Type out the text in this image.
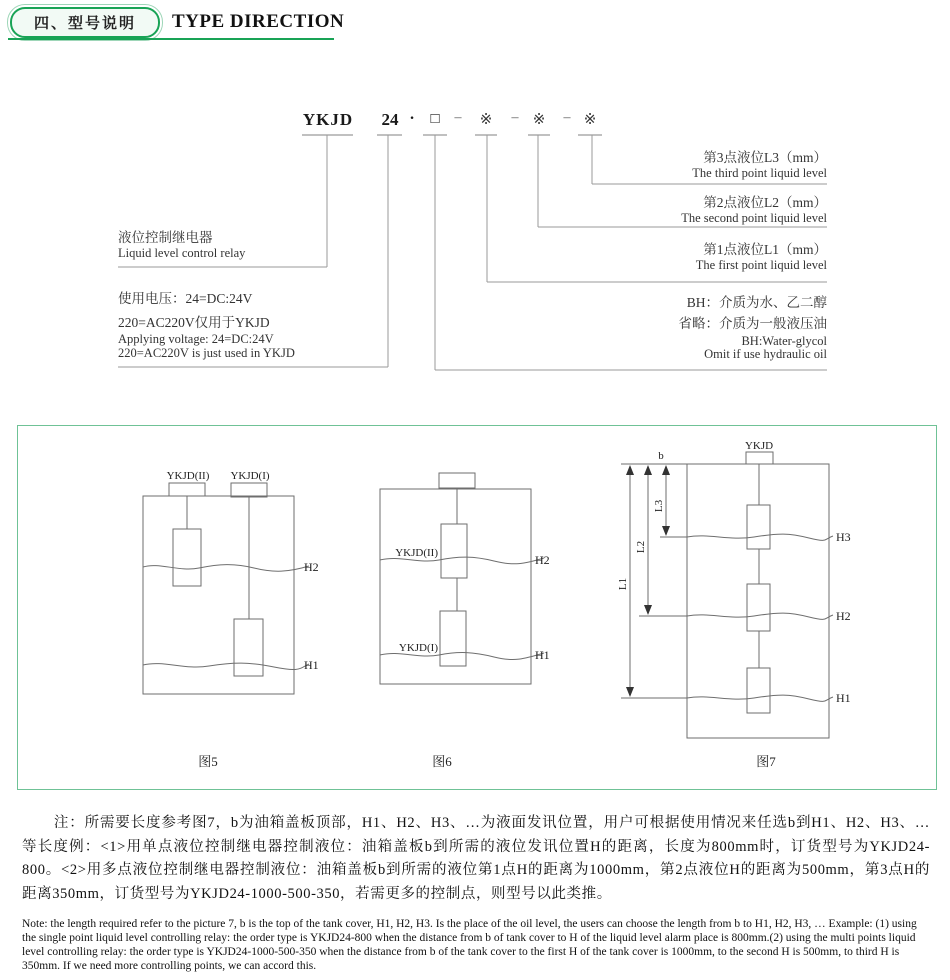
四、型号说明 TYPE DIRECTION
YKJD 24 ·	□	–	※	– ※	– ※
第3点液位L3（mm）
The third point liquid level
第2点液位L2（mm）
The second point liquid level
第1点液位L1（mm）
The first point liquid level
BH：介质为水、乙二醇
省略：介质为一般液压油
BH:Water-glycol
Omit if use hydraulic oil
液位控制继电器
Liquid level control relay
使用电压：24=DC:24V
220=AC220V仅用于YKJD
Applying voltage: 24=DC:24V
220=AC220V is just used in YKJD
YKJD(II) YKJD(I)
H2
H1
图5
YKJD(II)
YKJD(I)
H2
H1
图6
YKJD
H3
H2
H1
b
L3
L2
L1
图7
注：所需要长度参考图7，b为油箱盖板顶部，H1、H2、H3、…为液面发讯位置，用户可根据使用情况来任选b到H1、H2、H3、…等长度例：<1>用单点液位控制继电器控制液位：油箱盖板b到所需的液位发讯位置H的距离，长度为800mm时，订货型号为YKJD24-800。<2>用多点液位控制继电器控制液位：油箱盖板b到所需的液位第1点H的距离为1000mm，第2点液位H的距离为500mm，第3点H的距离350mm，订货型号为YKJD24-1000-500-350，若需更多的控制点，则型号以此类推。
Note: the length required refer to the picture 7, b is the top of the tank cover, H1, H2, H3. Is the place of the oil level, the users can choose the length from b to H1, H2, H3, … Example: (1) using the single point liquid level controlling relay: the order type is YKJD24-800 when the distance from b of tank cover to H of the liquid level alarm place is 800mm.(2) using the multi points liquid level controlling relay: the order type is YKJD24-1000-500-350 when the distance from b of the tank cover to the first H of the tank cover is 1000mm, to the second H is 500mm, to third H is 350mm. If we need more controlling points, we can accord this.
